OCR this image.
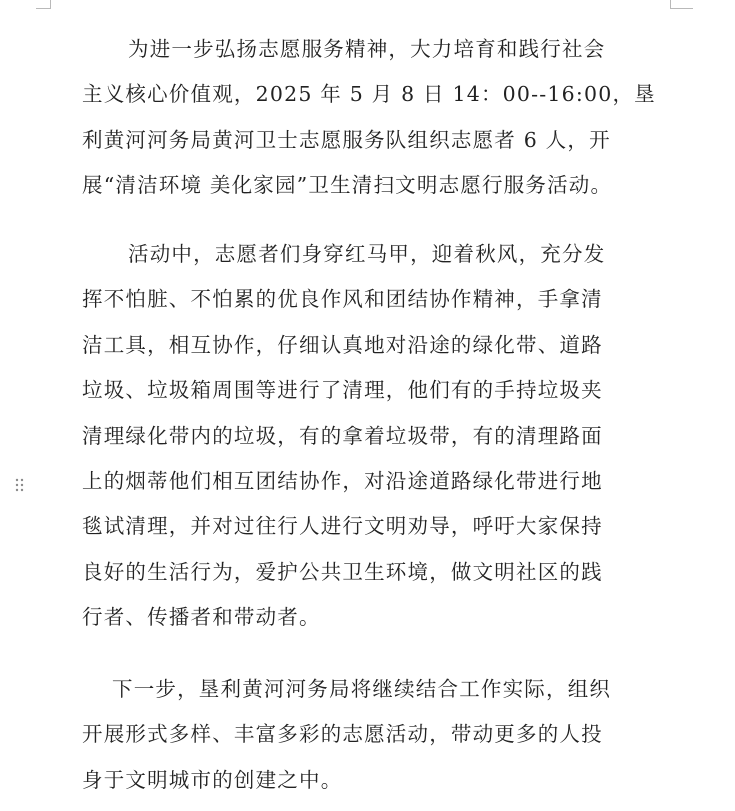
为进一步弘扬志愿服务精神，大力培育和践行社会
主义核心价值观，2025 年 5 月 8 日 14：00--16:00，垦
利黄河河务局黄河卫士志愿服务队组织志愿者 6 人，开
展“清洁环境 美化家园”卫生清扫文明志愿行服务活动。

活动中，志愿者们身穿红马甲，迎着秋风，充分发
挥不怕脏、不怕累的优良作风和团结协作精神，手拿清
洁工具，相互协作，仔细认真地对沿途的绿化带、道路
垃圾、垃圾箱周围等进行了清理，他们有的手持垃圾夹
清理绿化带内的垃圾，有的拿着垃圾带，有的清理路面
上的烟蒂他们相互团结协作，对沿途道路绿化带进行地
毯试清理，并对过往行人进行文明劝导，呼吁大家保持
良好的生活行为，爱护公共卫生环境，做文明社区的践
行者、传播者和带动者。

下一步，垦利黄河河务局将继续结合工作实际，组织
开展形式多样、丰富多彩的志愿活动，带动更多的人投
身于文明城市的创建之中。
